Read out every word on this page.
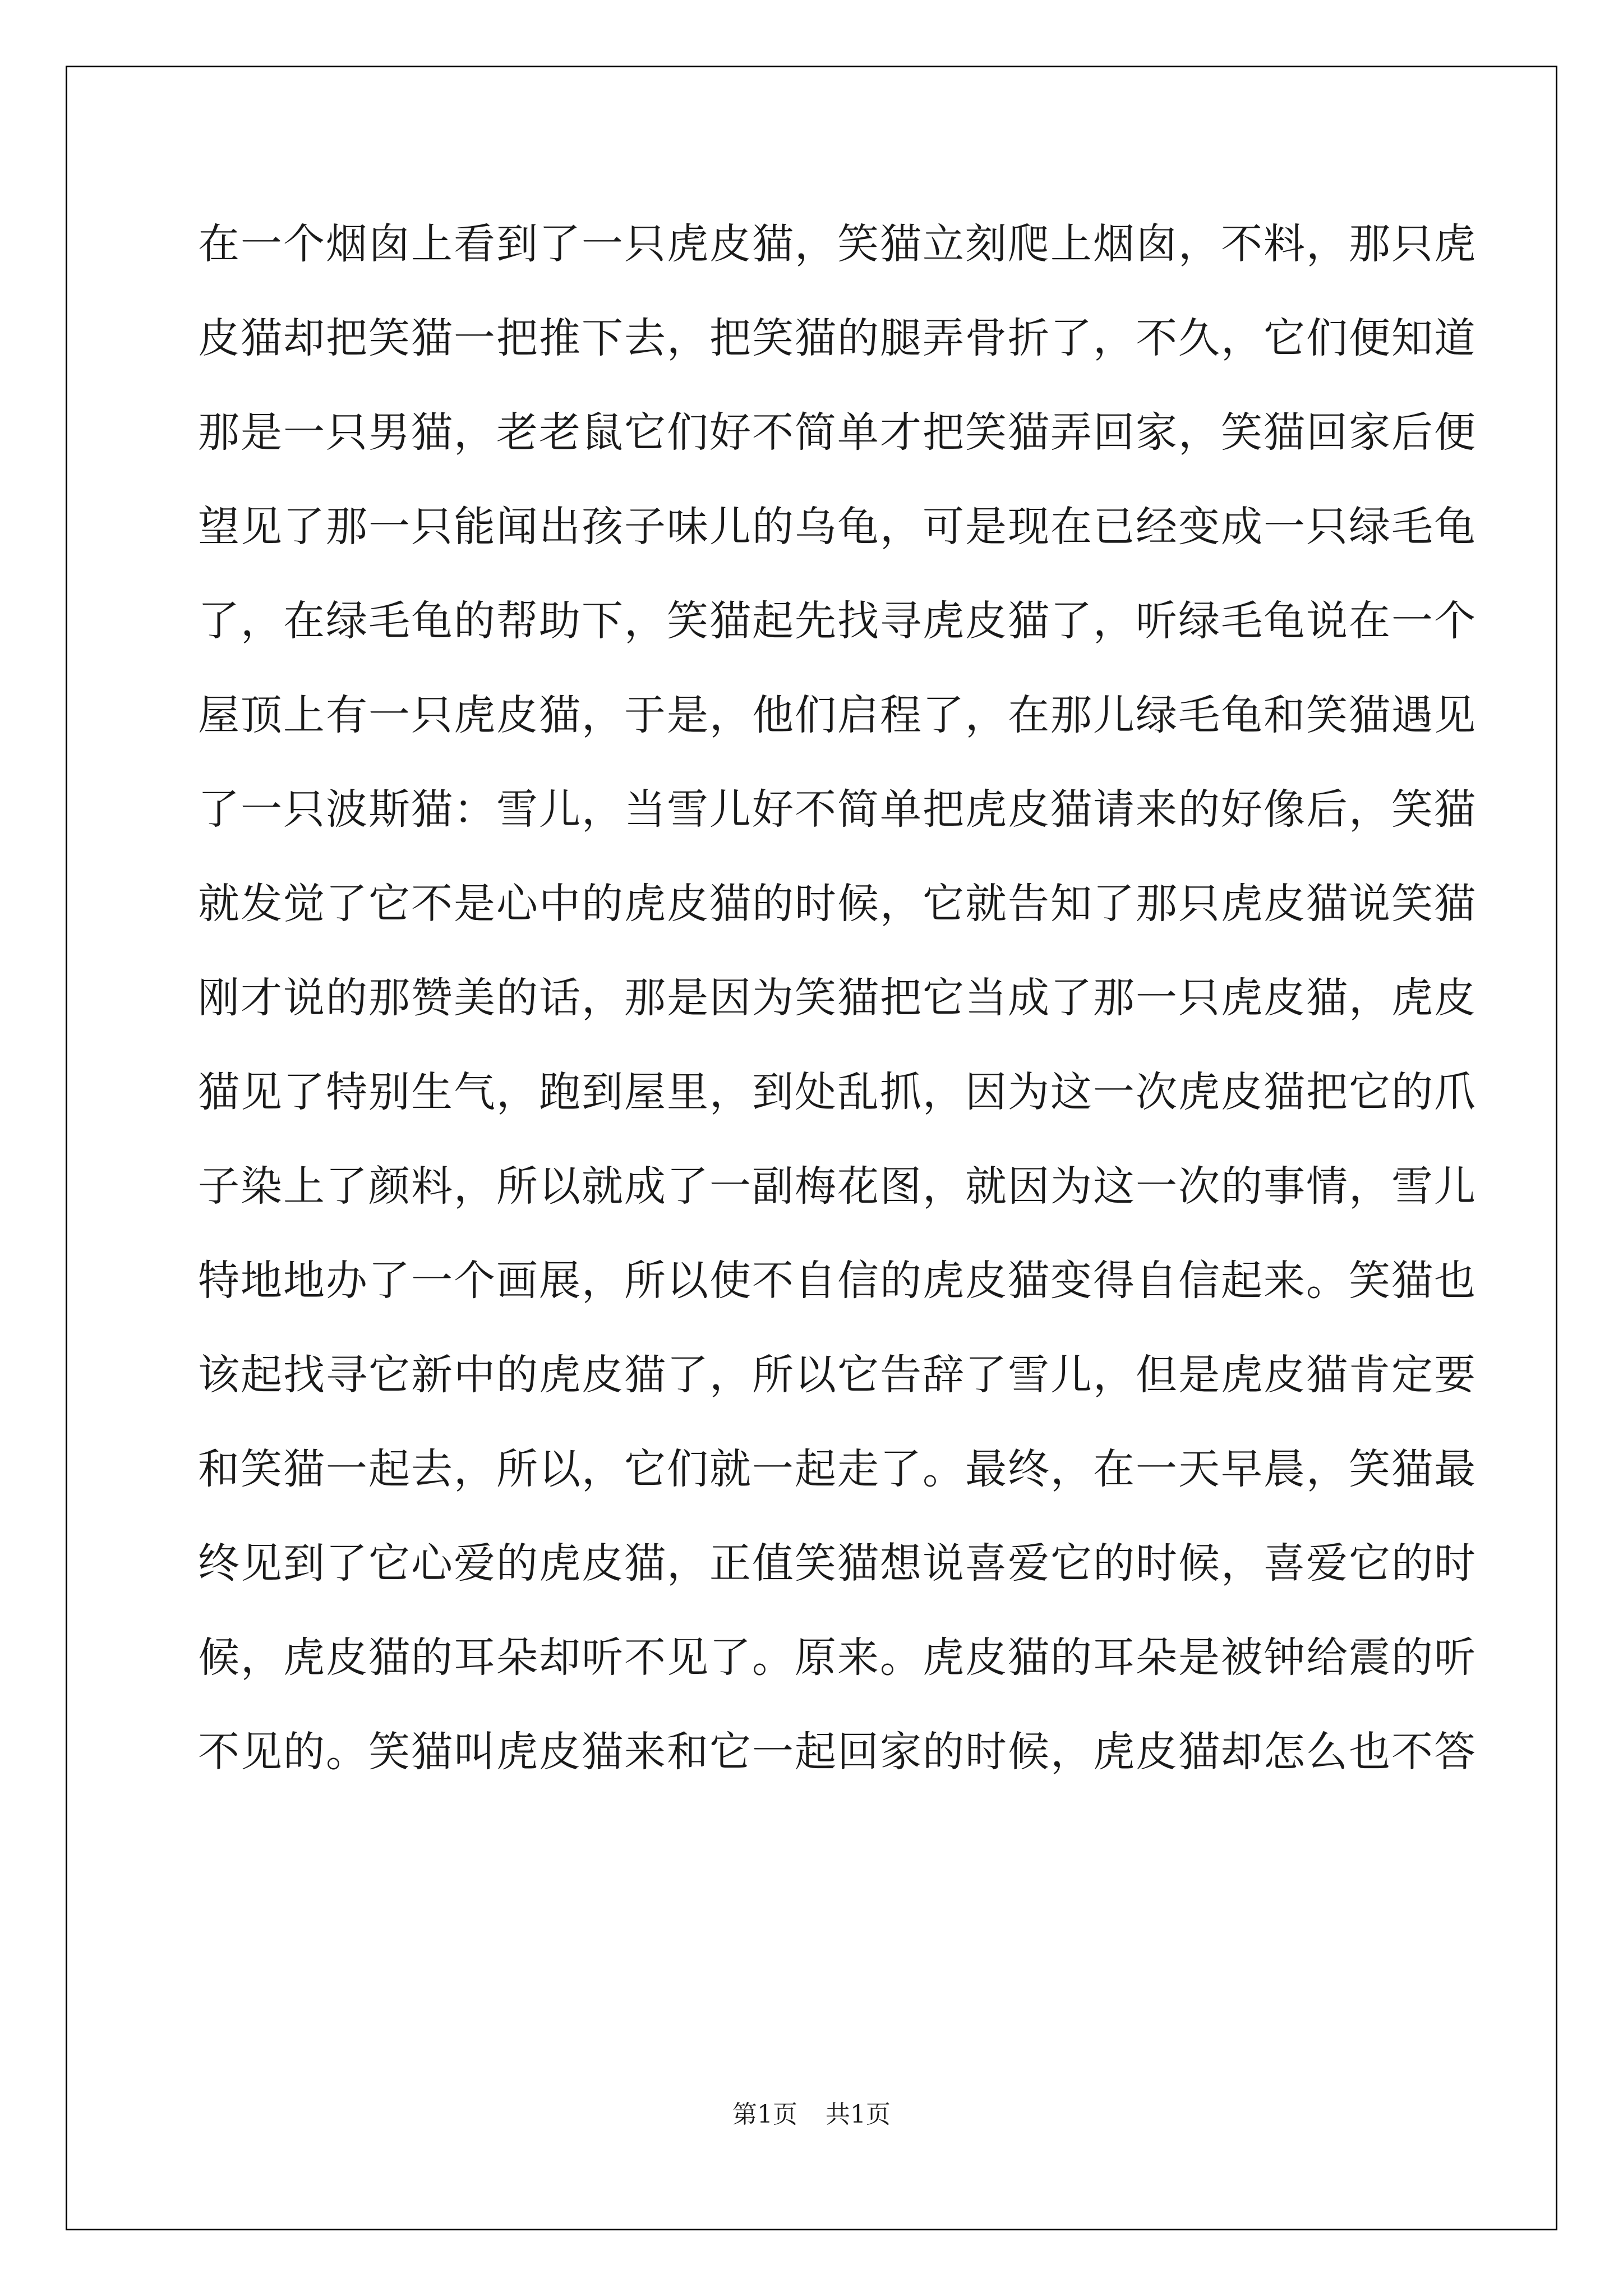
在一个烟囱上看到了一只虎皮猫，笑猫立刻爬上烟囱，不料，那只虎
皮猫却把笑猫一把推下去，把笑猫的腿弄骨折了，不久，它们便知道
那是一只男猫，老老鼠它们好不简单才把笑猫弄回家，笑猫回家后便
望见了那一只能闻出孩子味儿的乌龟，可是现在已经变成一只绿毛龟
了，在绿毛龟的帮助下，笑猫起先找寻虎皮猫了，听绿毛龟说在一个
屋顶上有一只虎皮猫，于是，他们启程了，在那儿绿毛龟和笑猫遇见
了一只波斯猫：雪儿，当雪儿好不简单把虎皮猫请来的好像后，笑猫
就发觉了它不是心中的虎皮猫的时候，它就告知了那只虎皮猫说笑猫
刚才说的那赞美的话，那是因为笑猫把它当成了那一只虎皮猫，虎皮
猫见了特别生气，跑到屋里，到处乱抓，因为这一次虎皮猫把它的爪
子染上了颜料，所以就成了一副梅花图，就因为这一次的事情，雪儿
特地地办了一个画展，所以使不自信的虎皮猫变得自信起来。笑猫也
该起找寻它新中的虎皮猫了，所以它告辞了雪儿，但是虎皮猫肯定要
和笑猫一起去，所以，它们就一起走了。最终，在一天早晨，笑猫最
终见到了它心爱的虎皮猫，正值笑猫想说喜爱它的时候，喜爱它的时
候，虎皮猫的耳朵却听不见了。原来。虎皮猫的耳朵是被钟给震的听
不见的。笑猫叫虎皮猫来和它一起回家的时候，虎皮猫却怎么也不答
第1页 共1页
